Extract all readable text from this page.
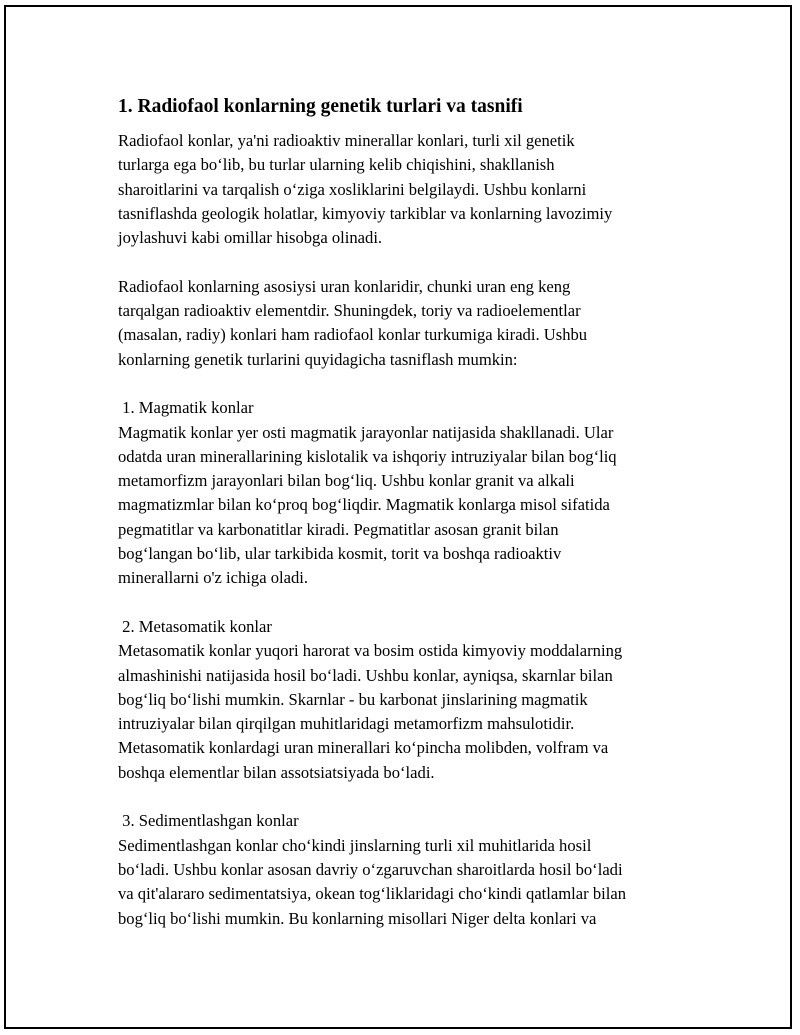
1. Radiofaol konlarning genetik turlari va tasnifi

Radiofaol konlar, ya'ni radioaktiv minerallar konlari, turli xil genetik
turlarga ega bo‘lib, bu turlar ularning kelib chiqishini, shakllanish
sharoitlarini va tarqalish o‘ziga xosliklarini belgilaydi. Ushbu konlarni
tasniflashda geologik holatlar, kimyoviy tarkiblar va konlarning lavozimiy
joylashuvi kabi omillar hisobga olinadi.

Radiofaol konlarning asosiysi uran konlaridir, chunki uran eng keng
tarqalgan radioaktiv elementdir. Shuningdek, toriy va radioelementlar
(masalan, radiy) konlari ham radiofaol konlar turkumiga kiradi. Ushbu
konlarning genetik turlarini quyidagicha tasniflash mumkin:

1. Magmatik konlar

Magmatik konlar yer osti magmatik jarayonlar natijasida shakllanadi. Ular
odatda uran minerallarining kislotalik va ishqoriy intruziyalar bilan bog‘liq
metamorfizm jarayonlari bilan bog‘liq. Ushbu konlar granit va alkali
magmatizmlar bilan ko‘proq bog‘liqdir. Magmatik konlarga misol sifatida
pegmatitlar va karbonatitlar kiradi. Pegmatitlar asosan granit bilan
bog‘langan bo‘lib, ular tarkibida kosmit, torit va boshqa radioaktiv
minerallarni o'z ichiga oladi.

2. Metasomatik konlar

Metasomatik konlar yuqori harorat va bosim ostida kimyoviy moddalarning
almashinishi natijasida hosil bo‘ladi. Ushbu konlar, ayniqsa, skarnlar bilan
bog‘liq bo‘lishi mumkin. Skarnlar - bu karbonat jinslarining magmatik
intruziyalar bilan qirqilgan muhitlaridagi metamorfizm mahsulotidir.
Metasomatik konlardagi uran minerallari ko‘pincha molibden, volfram va
boshqa elementlar bilan assotsiatsiyada bo‘ladi.

3. Sedimentlashgan konlar

Sedimentlashgan konlar cho‘kindi jinslarning turli xil muhitlarida hosil
bo‘ladi. Ushbu konlar asosan davriy o‘zgaruvchan sharoitlarda hosil bo‘ladi
va qit'alararo sedimentatsiya, okean tog‘liklaridagi cho‘kindi qatlamlar bilan
bog‘liq bo‘lishi mumkin. Bu konlarning misollari Niger delta konlari va
